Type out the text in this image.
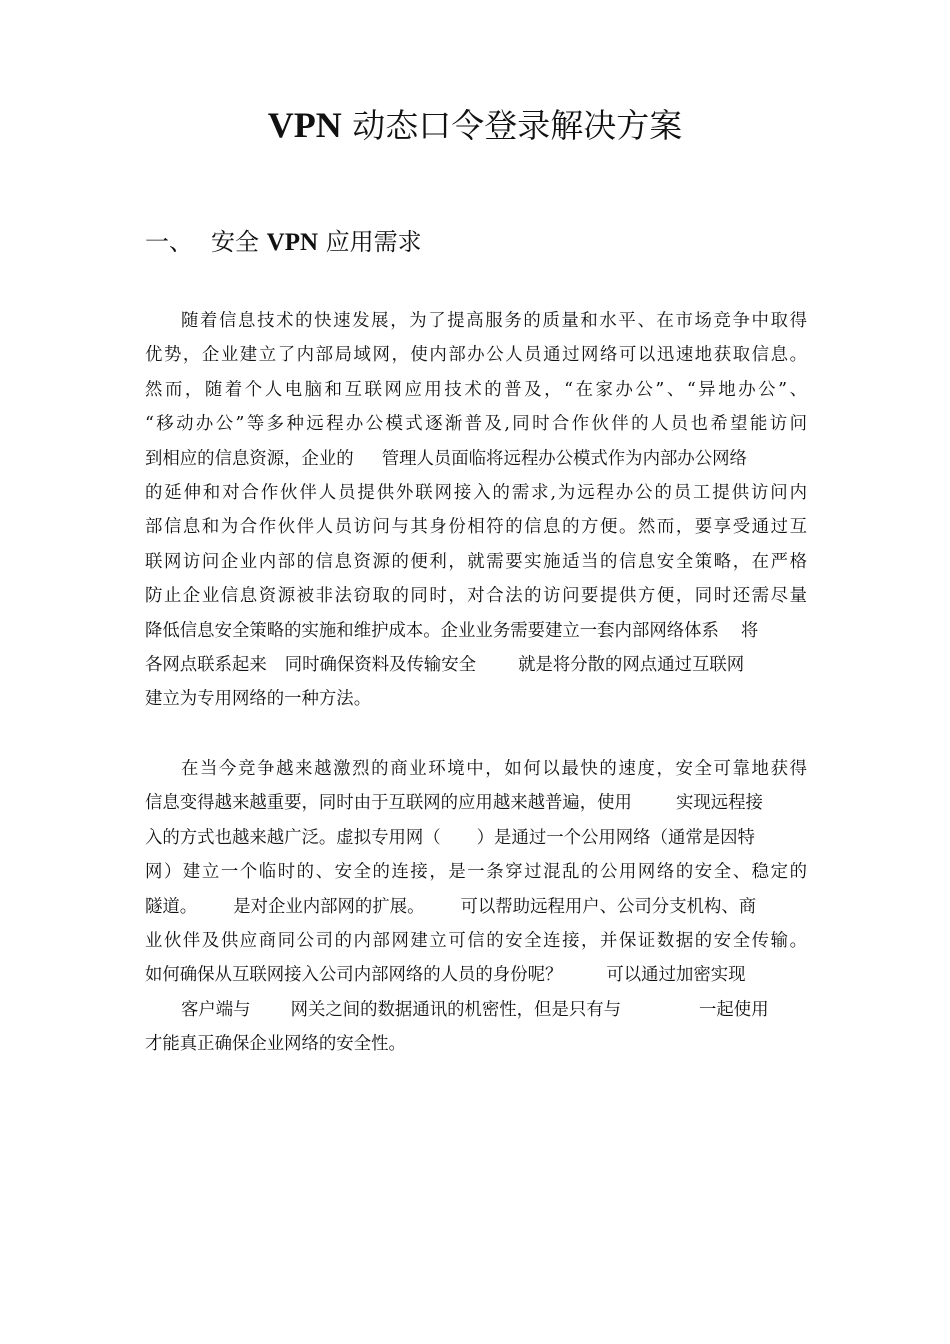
VPN 动态口令登录解决方案
一、 安全 VPN 应用需求
随着信息技术的快速发展，为了提高服务的质量和水平、在市场竞争中取得
优势，企业建立了内部局域网，使内部办公人员通过网络可以迅速地获取信息。
然而，随着个人电脑和互联网应用技术的普及，“在家办公”、“异地办公”、
“移动办公”等多种远程办公模式逐渐普及,同时合作伙伴的人员也希望能访问
到相应的信息资源，企业的 管理人员面临将远程办公模式作为内部办公网络
的延伸和对合作伙伴人员提供外联网接入的需求,为远程办公的员工提供访问内
部信息和为合作伙伴人员访问与其身份相符的信息的方便。然而，要享受通过互
联网访问企业内部的信息资源的便利，就需要实施适当的信息安全策略，在严格
防止企业信息资源被非法窃取的同时，对合法的访问要提供方便，同时还需尽量
降低信息安全策略的实施和维护成本。企业业务需要建立一套内部网络体系 将
各网点联系起来 同时确保资料及传输安全 就是将分散的网点通过互联网
建立为专用网络的一种方法。
在当今竞争越来越激烈的商业环境中，如何以最快的速度，安全可靠地获得
信息变得越来越重要，同时由于互联网的应用越来越普遍，使用	实现远程接
入的方式也越来越广泛。虚拟专用网（ ）是通过一个公用网络（通常是因特
网）建立一个临时的、安全的连接，是一条穿过混乱的公用网络的安全、稳定的
隧道。 是对企业内部网的扩展。 可以帮助远程用户、公司分支机构、商
业伙伴及供应商同公司的内部网建立可信的安全连接，并保证数据的安全传输。
如何确保从互联网接入公司内部网络的人员的身份呢？	可以通过加密实现
客户端与 网关之间的数据通讯的机密性，但是只有与	一起使用
才能真正确保企业网络的安全性。
